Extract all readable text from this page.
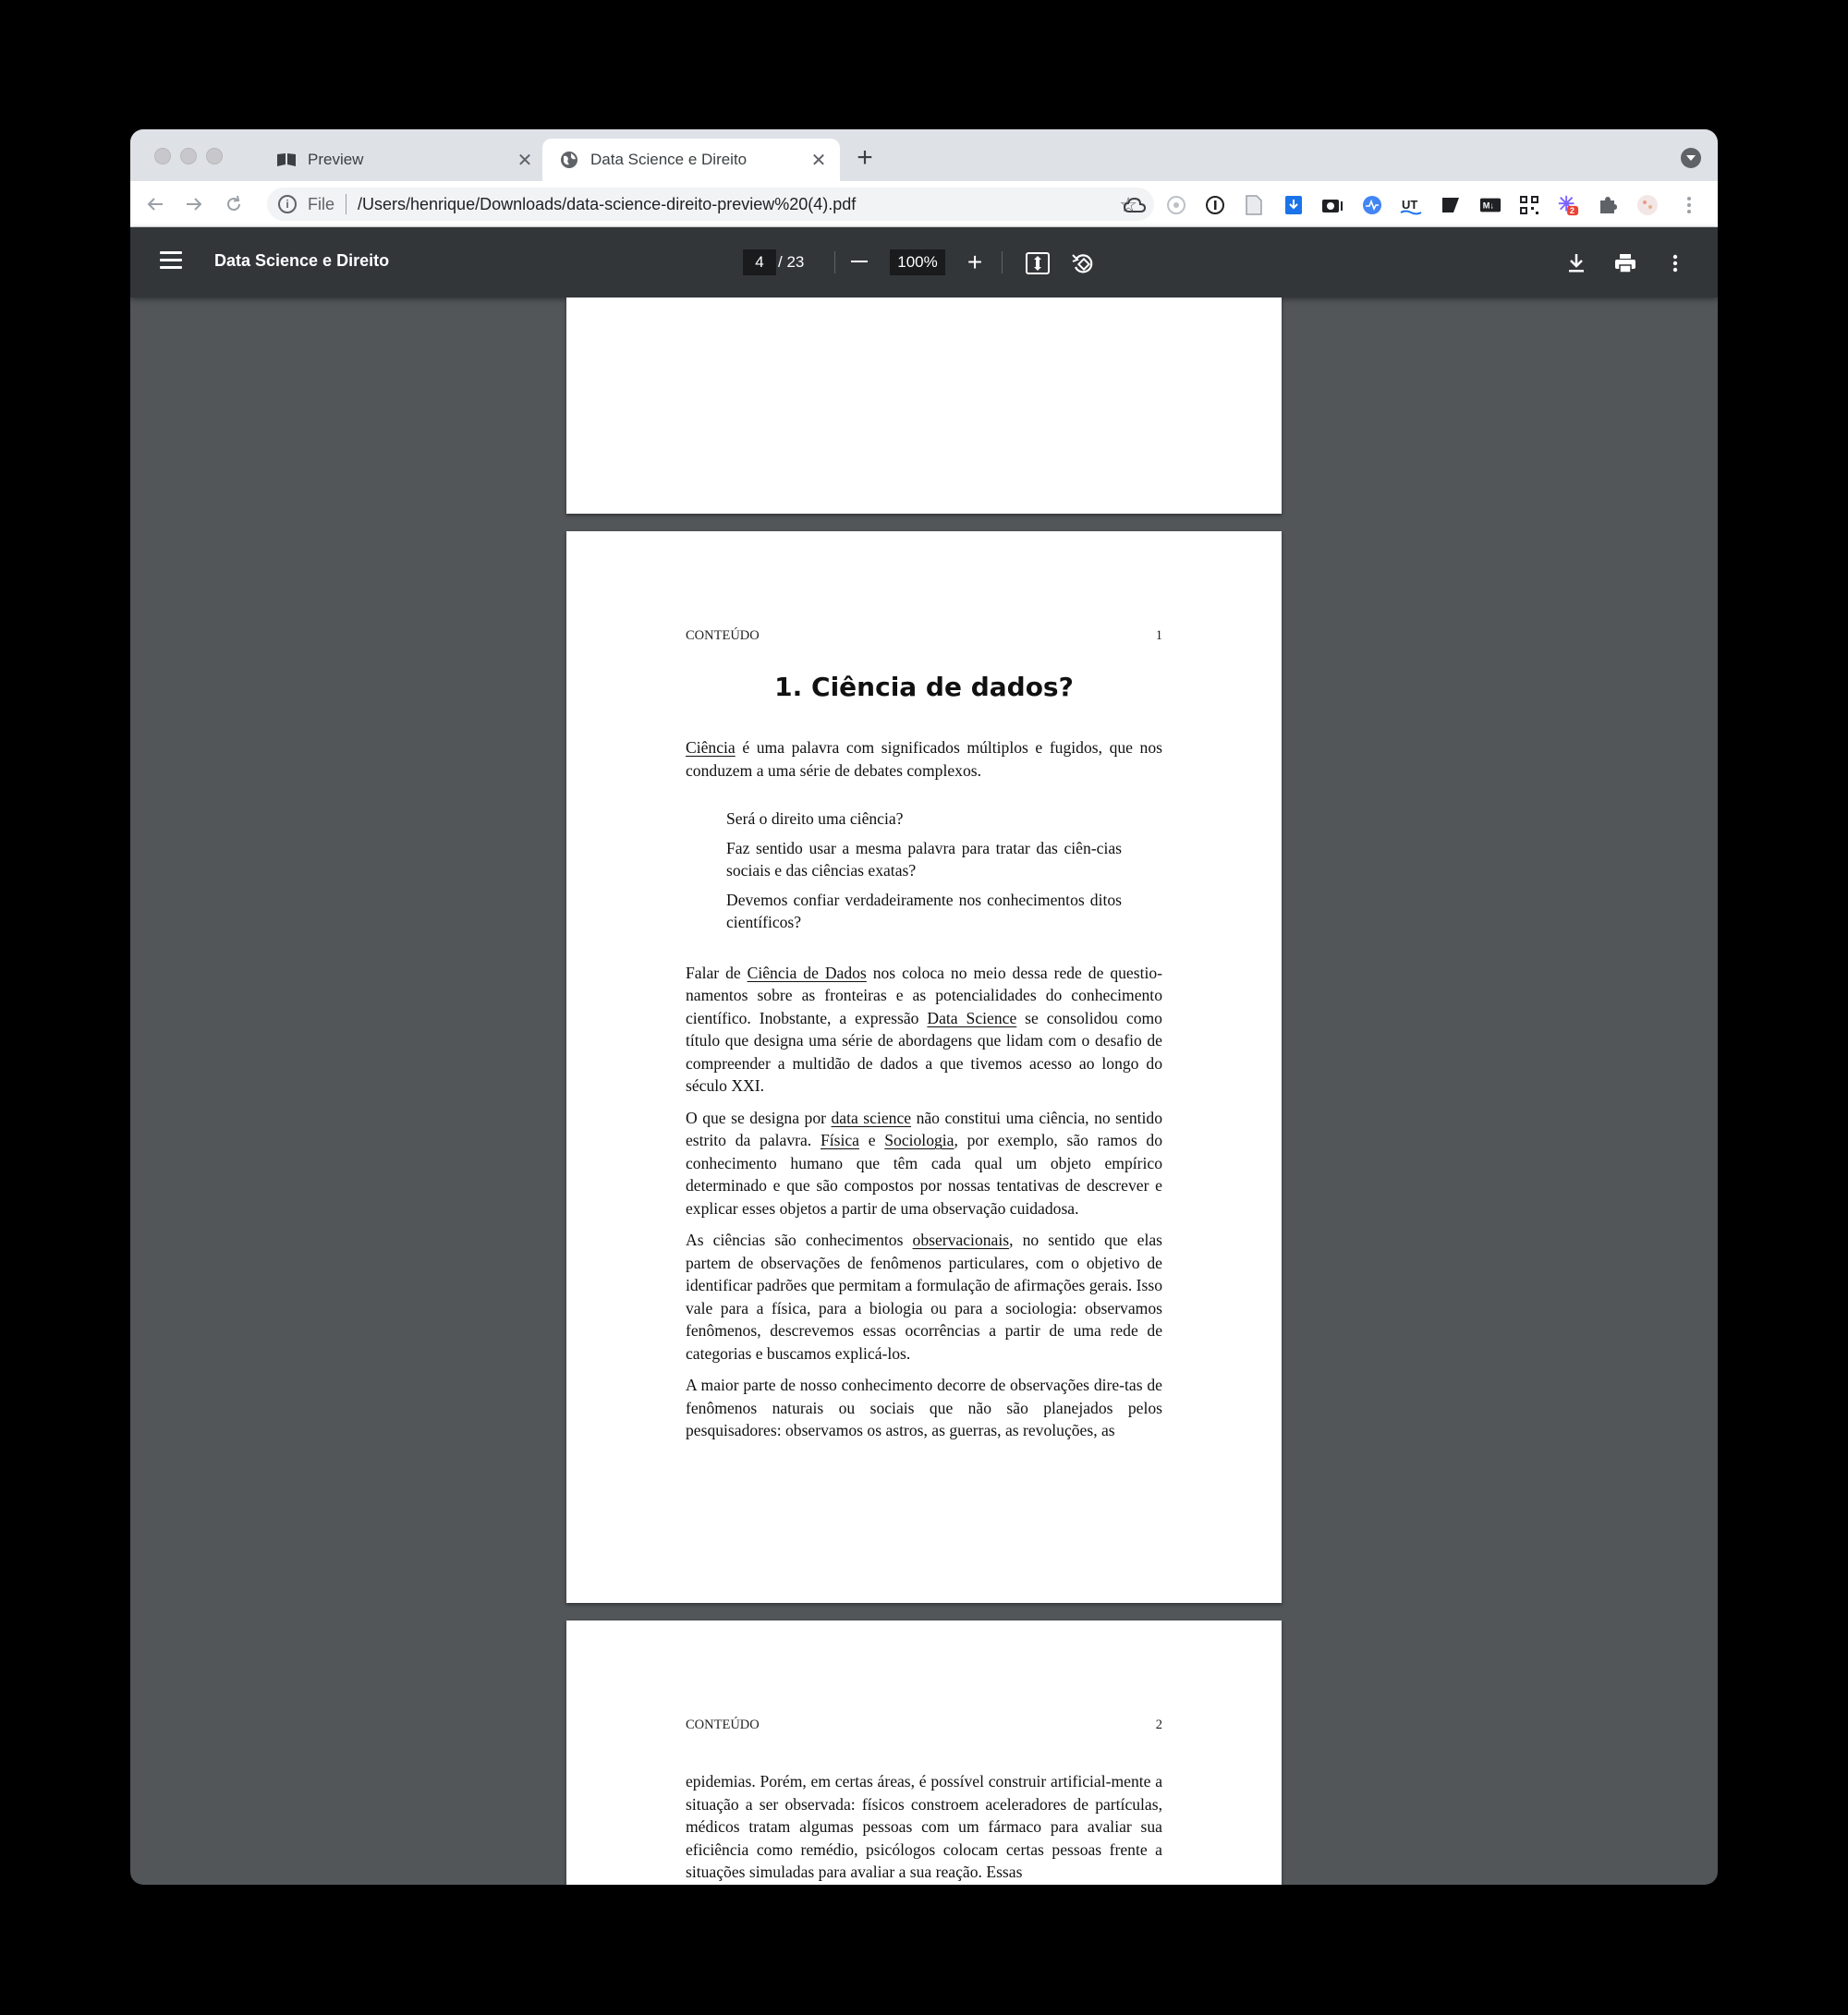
Preview	✕	Data Science e Direito	✕ +
i	File /Users/henrique/Downloads/data-science-direito-preview%20(4).pdf	☆	UT	M↓
2
Data Science e Direito	4 / 23	100% +
CONTEÚDO	1
1. Ciência de dados?

Ciência é uma palavra com significados múltiplos e fugidos, que nos conduzem a uma série de debates complexos.

Será o direito uma ciência?

Faz sentido usar a mesma palavra para tratar das ciên-cias sociais e das ciências exatas?

Devemos confiar verdadeiramente nos conhecimentos ditos científicos?

Falar de Ciência de Dados nos coloca no meio dessa rede de questio-namentos sobre as fronteiras e as potencialidades do conhecimento científico. Inobstante, a expressão Data Science se consolidou como título que designa uma série de abordagens que lidam com o desafio de compreender a multidão de dados a que tivemos acesso ao longo do século XXI.

O que se designa por data science não constitui uma ciência, no sentido estrito da palavra. Física e Sociologia, por exemplo, são ramos do conhecimento humano que têm cada qual um objeto empírico determinado e que são compostos por nossas tentativas de descrever e explicar esses objetos a partir de uma observação cuidadosa.

As ciências são conhecimentos observacionais, no sentido que elas partem de observações de fenômenos particulares, com o objetivo de identificar padrões que permitam a formulação de afirmações gerais. Isso vale para a física, para a biologia ou para a sociologia: observamos fenômenos, descrevemos essas ocorrências a partir de uma rede de categorias e buscamos explicá-los.

A maior parte de nosso conhecimento decorre de observações dire-tas de fenômenos naturais ou sociais que não são planejados pelos pesquisadores: observamos os astros, as guerras, as revoluções, as

CONTEÚDO	2

epidemias. Porém, em certas áreas, é possível construir artificial-mente a situação a ser observada: físicos constroem aceleradores de partículas, médicos tratam algumas pessoas com um fármaco para avaliar sua eficiência como remédio, psicólogos colocam certas pessoas frente a situações simuladas para avaliar a sua reação. Essas
